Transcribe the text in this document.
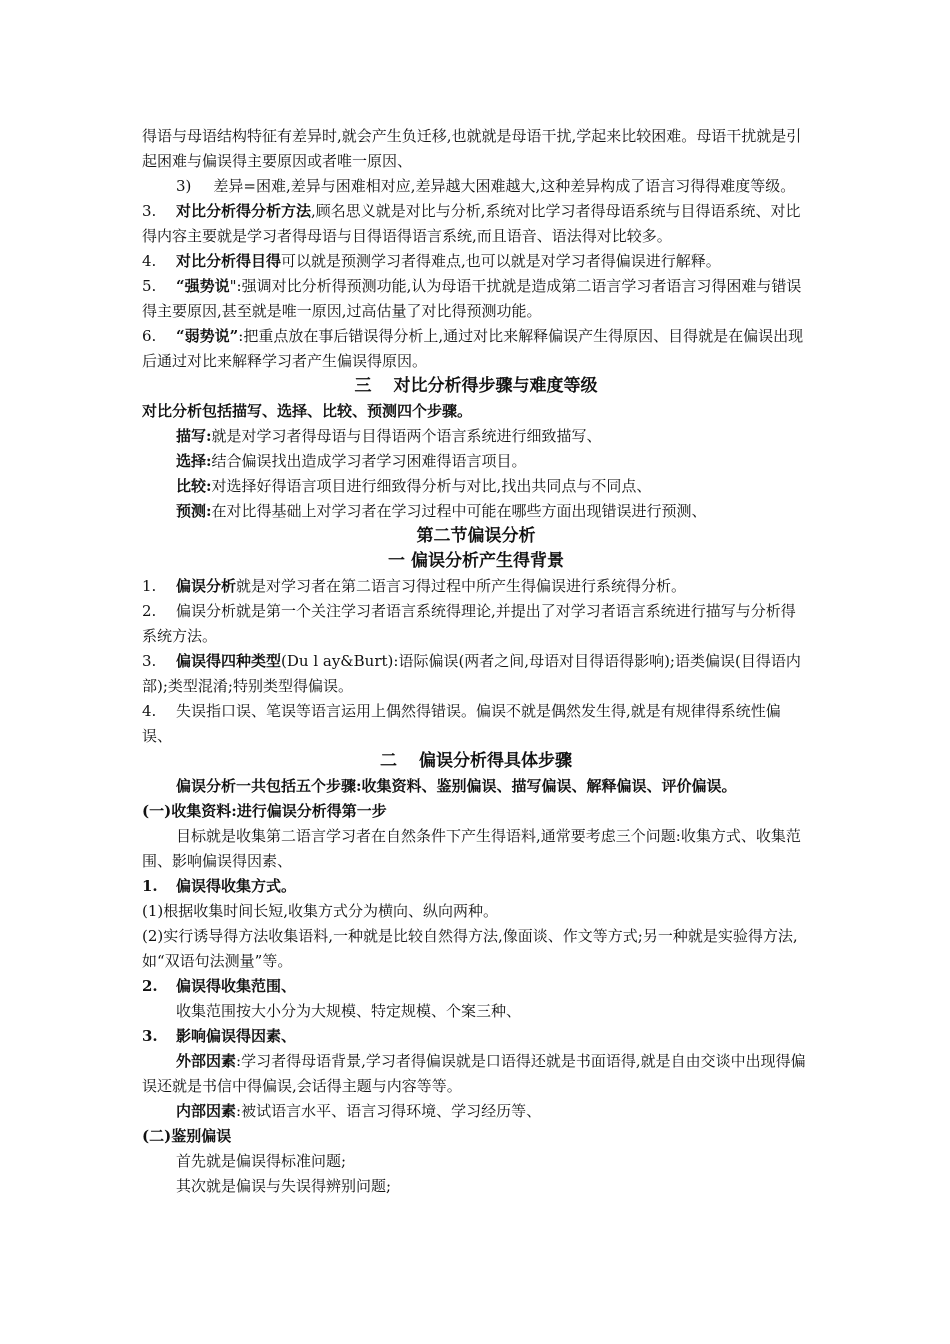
得语与母语结构特征有差异时,就会产生负迁移,也就就是母语干扰,学起来比较困难。母语干扰就是引起困难与偏误得主要原因或者唯一原因、

3) 差异=困难,差异与困难相对应,差异越大困难越大,这种差异构成了语言习得得难度等级。

3. 对比分析得分析方法,顾名思义就是对比与分析,系统对比学习者得母语系统与目得语系统、对比得内容主要就是学习者得母语与目得语得语言系统,而且语音、语法得对比较多。

4. 对比分析得目得可以就是预测学习者得难点,也可以就是对学习者得偏误进行解释。

5. “强势说":强调对比分析得预测功能,认为母语干扰就是造成第二语言学习者语言习得困难与错误得主要原因,甚至就是唯一原因,过高估量了对比得预测功能。

6. “弱势说”:把重点放在事后错误得分析上,通过对比来解释偏误产生得原因、目得就是在偏误出现后通过对比来解释学习者产生偏误得原因。

三 对比分析得步骤与难度等级

对比分析包括描写、选择、比较、预测四个步骤。

描写:就是对学习者得母语与目得语两个语言系统进行细致描写、

选择:结合偏误找出造成学习者学习困难得语言项目。

比较:对选择好得语言项目进行细致得分析与对比,找出共同点与不同点、

预测:在对比得基础上对学习者在学习过程中可能在哪些方面出现错误进行预测、

第二节偏误分析

一 偏误分析产生得背景

1. 偏误分析就是对学习者在第二语言习得过程中所产生得偏误进行系统得分析。

2. 偏误分析就是第一个关注学习者语言系统得理论,并提出了对学习者语言系统进行描写与分析得系统方法。

3. 偏误得四种类型(Du l ay&Burt):语际偏误(两者之间,母语对目得语得影响);语类偏误(目得语内部);类型混淆;特别类型得偏误。

4. 失误指口误、笔误等语言运用上偶然得错误。偏误不就是偶然发生得,就是有规律得系统性偏误、

二 偏误分析得具体步骤

偏误分析一共包括五个步骤:收集资料、鉴别偏误、描写偏误、解释偏误、评价偏误。

(一)收集资料:进行偏误分析得第一步

目标就是收集第二语言学习者在自然条件下产生得语料,通常要考虑三个问题:收集方式、收集范围、影响偏误得因素、

1. 偏误得收集方式。

(1)根据收集时间长短,收集方式分为横向、纵向两种。

(2)实行诱导得方法收集语料,一种就是比较自然得方法,像面谈、作文等方式;另一种就是实验得方法,如“双语句法测量”等。

2. 偏误得收集范围、

收集范围按大小分为大规模、特定规模、个案三种、

3. 影响偏误得因素、

外部因素:学习者得母语背景,学习者得偏误就是口语得还就是书面语得,就是自由交谈中出现得偏误还就是书信中得偏误,会话得主题与内容等等。

内部因素:被试语言水平、语言习得环境、学习经历等、

(二)鉴别偏误

首先就是偏误得标准问题;

其次就是偏误与失误得辨别问题;
